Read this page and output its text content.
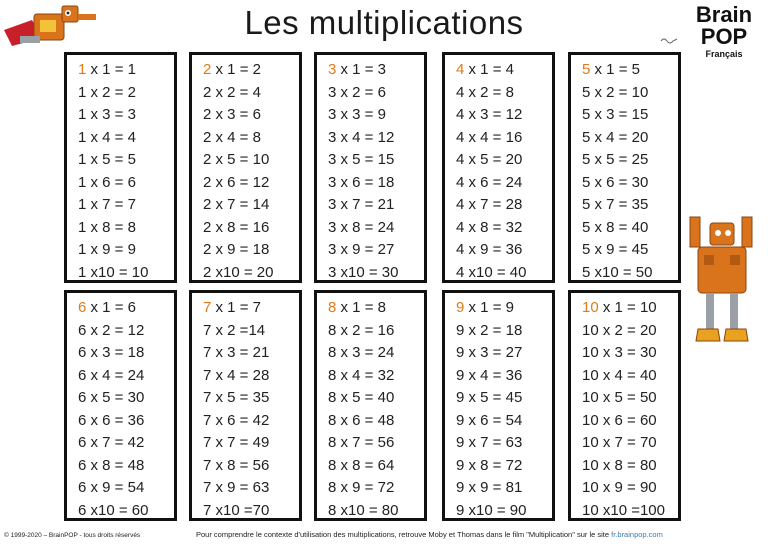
Les multiplications	Brain
POP
Français
1 x 1 = 1
1 x 2 = 2
1 x 3 = 3
1 x 4 = 4
1 x 5 = 5
1 x 6 = 6
1 x 7 = 7
1 x 8 = 8
1 x 9 = 9
1 x10 = 10
2 x 1 = 2
2 x 2 = 4
2 x 3 = 6
2 x 4 = 8
2 x 5 = 10
2 x 6 = 12
2 x 7 = 14
2 x 8 = 16
2 x 9 = 18
2 x10 = 20
3 x 1 = 3
3 x 2 = 6
3 x 3 = 9
3 x 4 = 12
3 x 5 = 15
3 x 6 = 18
3 x 7 = 21
3 x 8 = 24
3 x 9 = 27
3 x10 = 30
4 x 1 = 4
4 x 2 = 8
4 x 3 = 12
4 x 4 = 16
4 x 5 = 20
4 x 6 = 24
4 x 7 = 28
4 x 8 = 32
4 x 9 = 36
4 x10 = 40
5 x 1 = 5
5 x 2 = 10
5 x 3 = 15
5 x 4 = 20
5 x 5 = 25
5 x 6 = 30
5 x 7 = 35
5 x 8 = 40
5 x 9 = 45
5 x10 = 50
6 x 1 = 6
6 x 2 = 12
6 x 3 = 18
6 x 4 = 24
6 x 5 = 30
6 x 6 = 36
6 x 7 = 42
6 x 8 = 48
6 x 9 = 54
6 x10 = 60
7 x 1 = 7
7 x 2 =14
7 x 3 = 21
7 x 4 = 28
7 x 5 = 35
7 x 6 = 42
7 x 7 = 49
7 x 8 = 56
7 x 9 = 63
7 x10 =70
8 x 1 = 8
8 x 2 = 16
8 x 3 = 24
8 x 4 = 32
8 x 5 = 40
8 x 6 = 48
8 x 7 = 56
8 x 8 = 64
8 x 9 = 72
8 x10 = 80
9 x 1 = 9
9 x 2 = 18
9 x 3 = 27
9 x 4 = 36
9 x 5 = 45
9 x 6 = 54
9 x 7 = 63
9 x 8 = 72
9 x 9 = 81
9 x10 = 90
10 x 1 = 10
10 x 2 = 20
10 x 3 = 30
10 x 4 = 40
10 x 5 = 50
10 x 6 = 60
10 x 7 = 70
10 x 8 = 80
10 x 9 = 90
10 x10 =100
© 1999-2020 – BrainPOP - tous droits réservés	Pour comprendre le contexte d'utilisation des multiplications, retrouve Moby et Thomas dans le film "Multiplication" sur le site fr.brainpop.com
